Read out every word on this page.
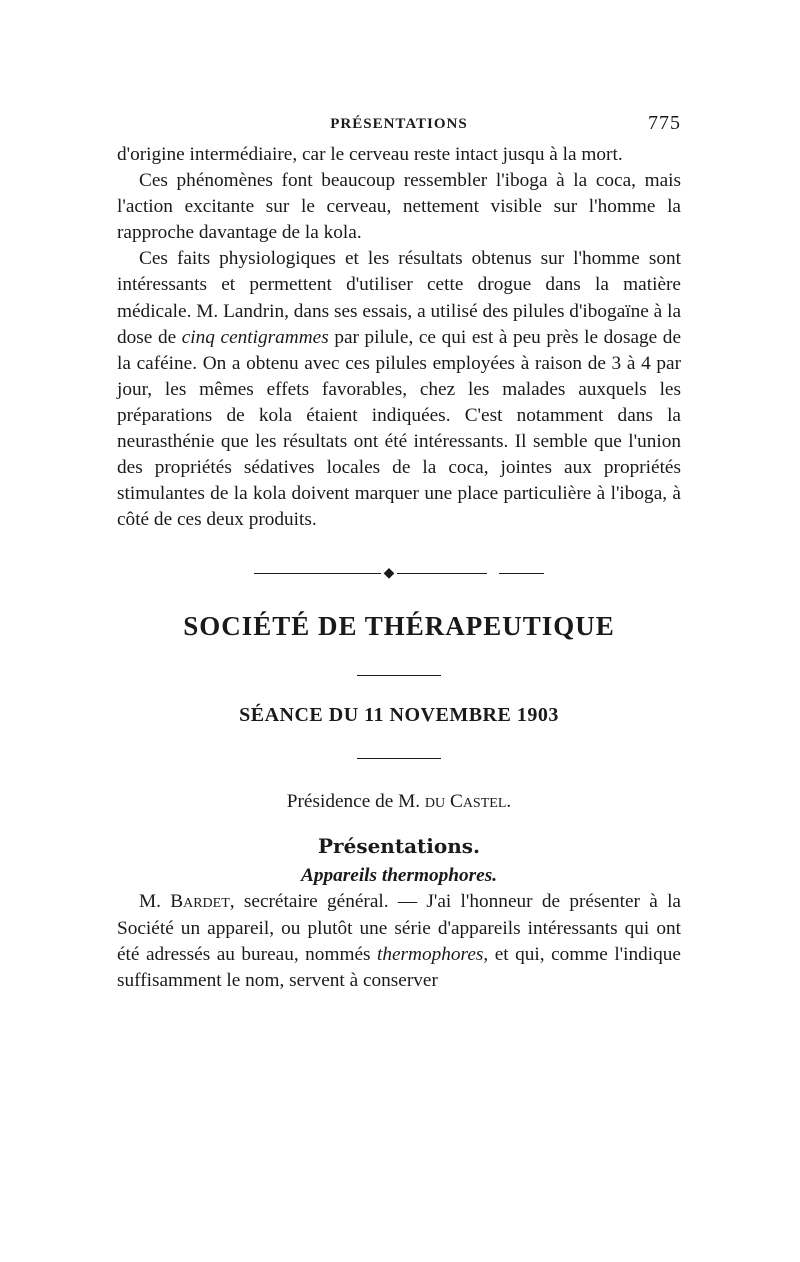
PRÉSENTATIONS	775

d'origine intermédiaire, car le cerveau reste intact jusqu à la mort.

Ces phénomènes font beaucoup ressembler l'iboga à la coca, mais l'action excitante sur le cerveau, nettement visible sur l'homme la rapproche davantage de la kola.

Ces faits physiologiques et les résultats obtenus sur l'homme sont intéressants et permettent d'utiliser cette drogue dans la matière médicale. M. Landrin, dans ses essais, a utilisé des pilules d'ibogaïne à la dose de cinq centigrammes par pilule, ce qui est à peu près le dosage de la caféine. On a obtenu avec ces pilules employées à raison de 3 à 4 par jour, les mêmes effets favorables, chez les malades auxquels les préparations de kola étaient indiquées. C'est notamment dans la neurasthénie que les résultats ont été intéressants. Il semble que l'union des propriétés sédatives locales de la coca, jointes aux propriétés stimulantes de la kola doivent marquer une place particulière à l'iboga, à côté de ces deux produits.

◆
SOCIÉTÉ DE THÉRAPEUTIQUE
SÉANCE DU 11 NOVEMBRE 1903

Présidence de M. du Castel.

Présentations.
Appareils thermophores.

M. Bardet, secrétaire général. — J'ai l'honneur de présenter à la Société un appareil, ou plutôt une série d'appareils intéressants qui ont été adressés au bureau, nommés thermophores, et qui, comme l'indique suffisamment le nom, servent à conserver
